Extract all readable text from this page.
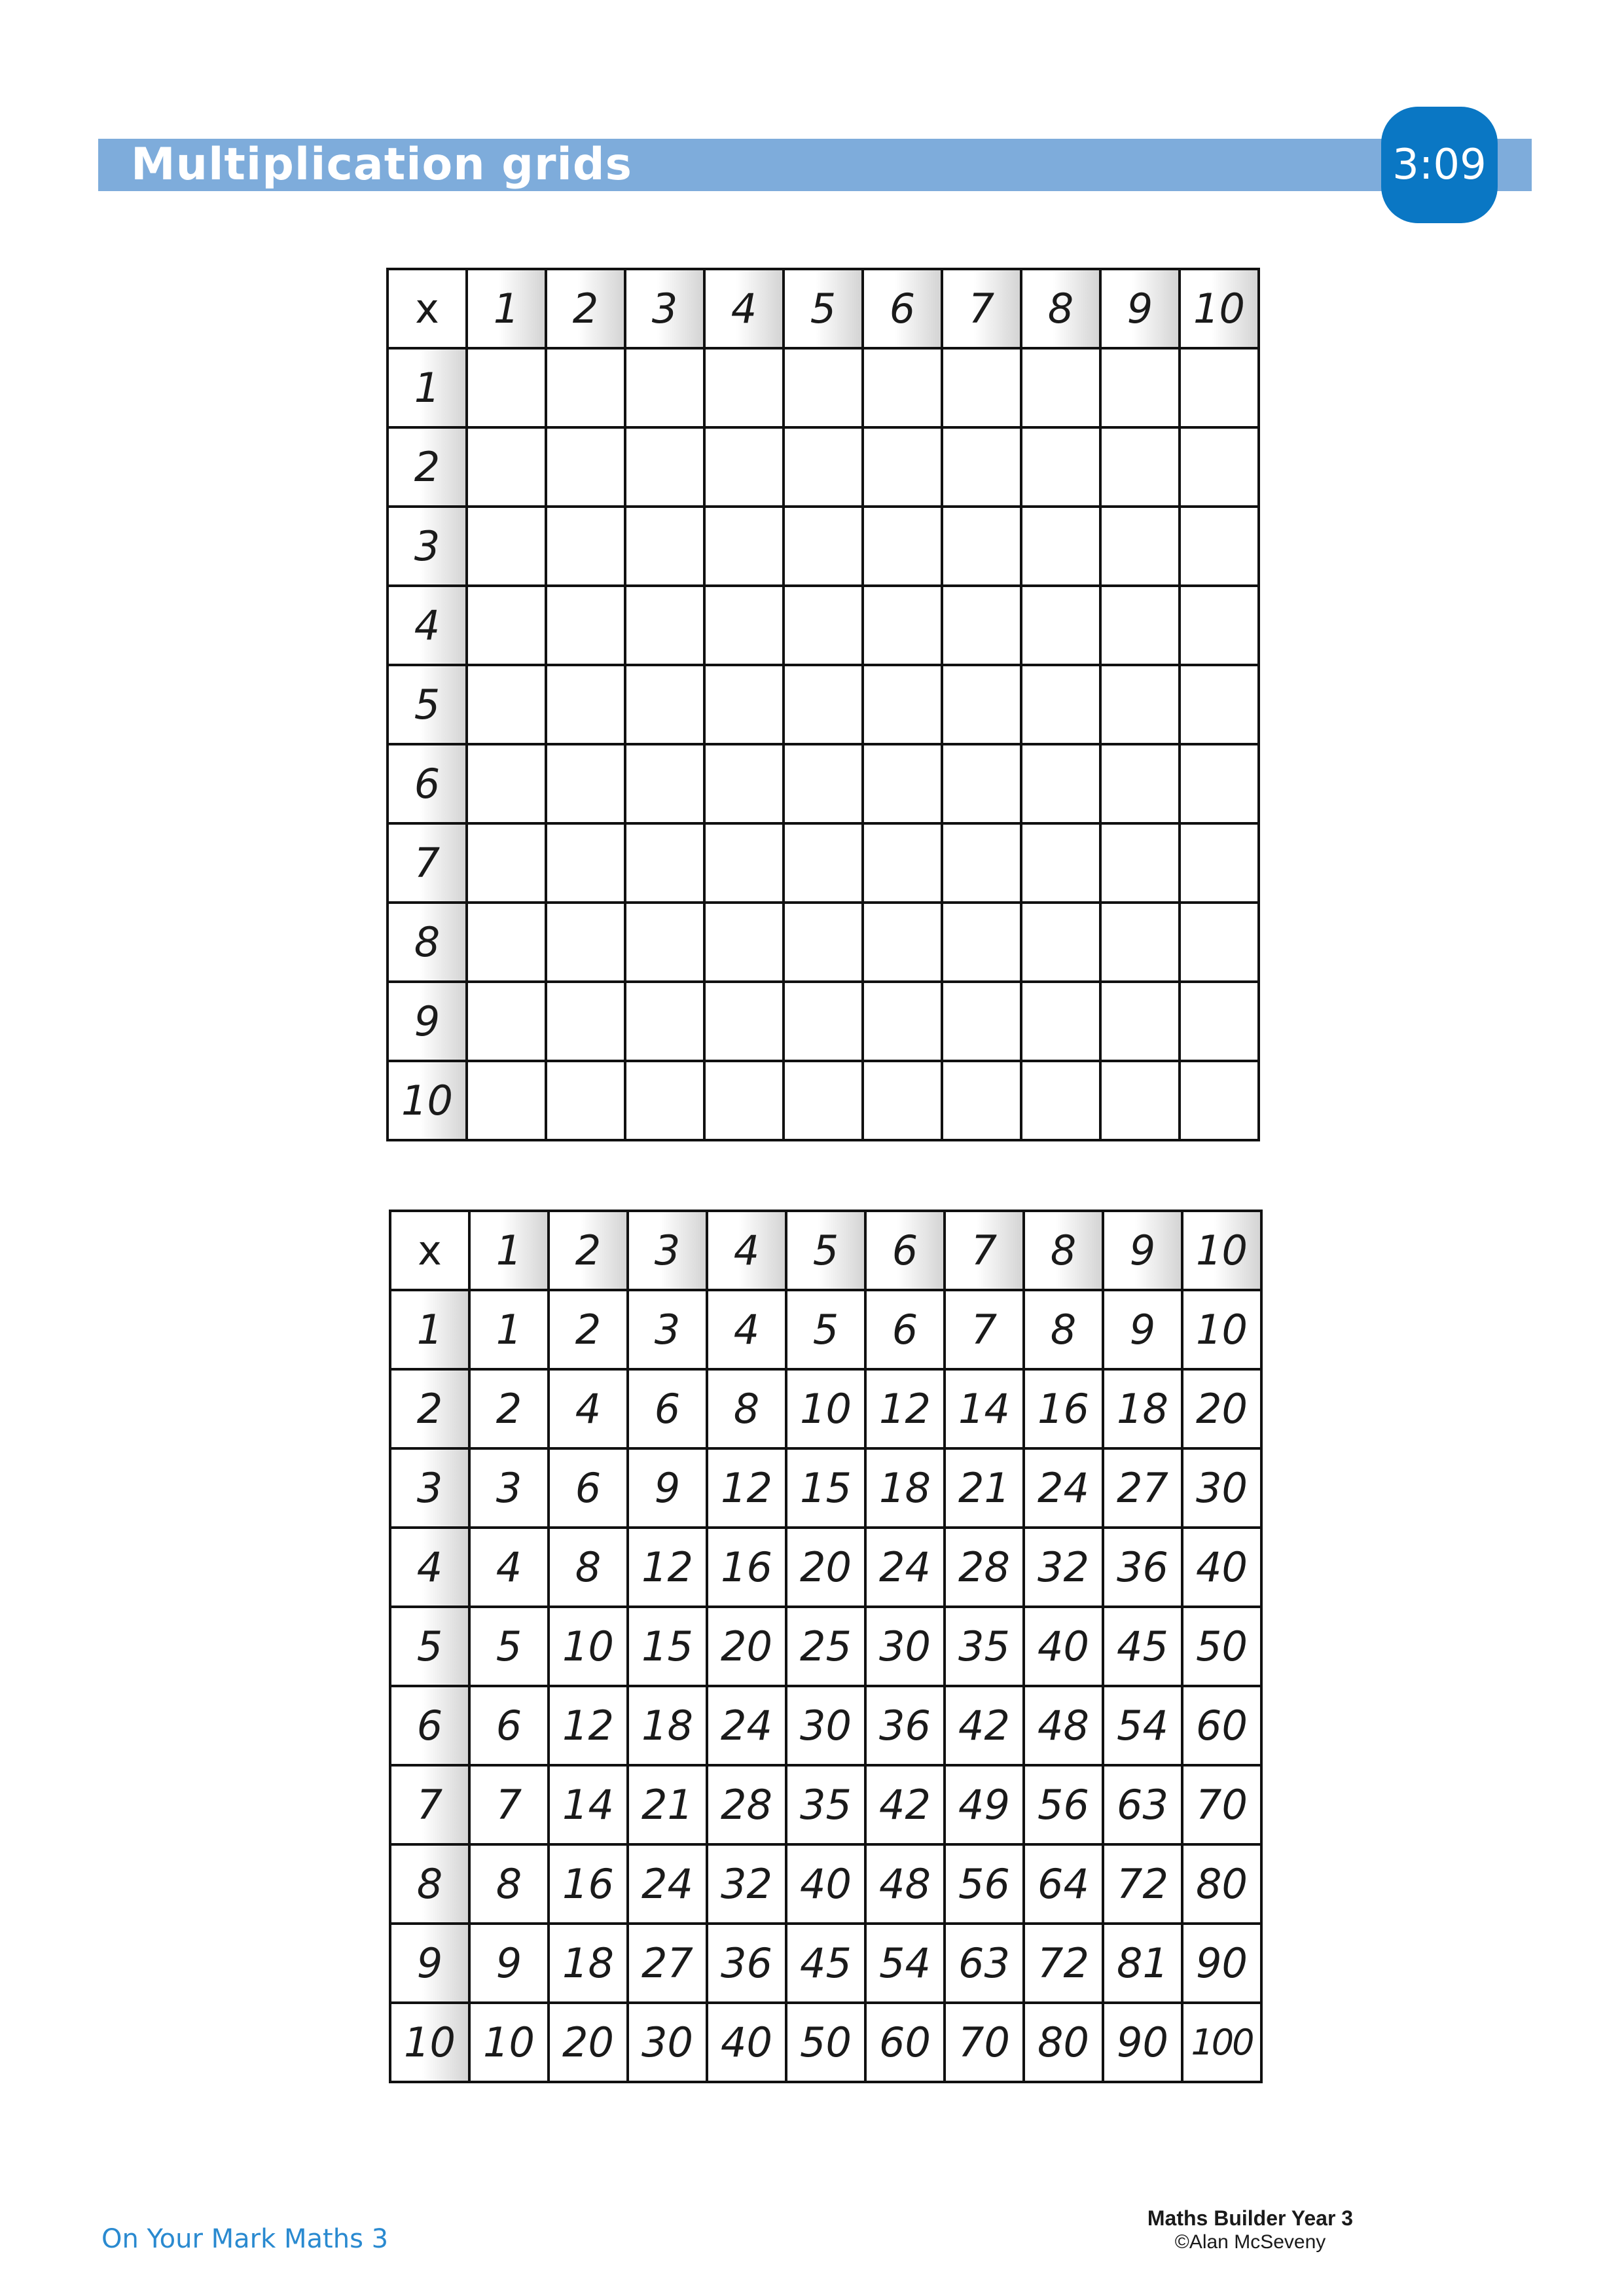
Multiplication grids	3:09
x	1	2	3	4	5	6	7	8	9	10
1										
2										
3										
4										
5										
6										
7										
8										
9										
10										
x	1	2	3	4	5	6	7	8	9	10
1	1	2	3	4	5	6	7	8	9	10
2	2	4	6	8	10	12	14	16	18	20
3	3	6	9	12	15	18	21	24	27	30
4	4	8	12	16	20	24	28	32	36	40
5	5	10	15	20	25	30	35	40	45	50
6	6	12	18	24	30	36	42	48	54	60
7	7	14	21	28	35	42	49	56	63	70
8	8	16	24	32	40	48	56	64	72	80
9	9	18	27	36	45	54	63	72	81	90
10	10	20	30	40	50	60	70	80	90	100
On Your Mark Maths 3
Maths Builder Year 3
©Alan McSeveny
